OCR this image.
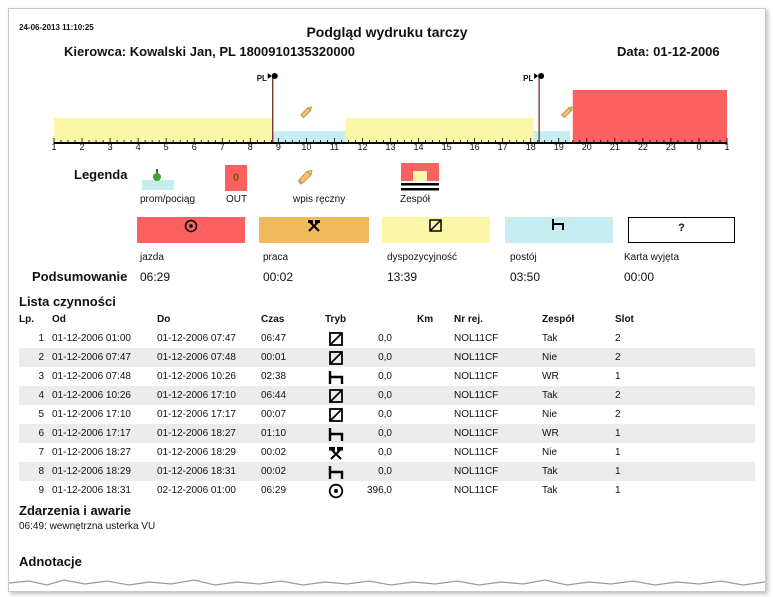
24-06-2013 11:10:25	Podgląd wydruku tarczy
Kierowca: Kowalski Jan, PL 1800910135320000	Data: 01-12-2006
1	2	3	4	5	6	7	8	9 10 11 12 13 14 15 16 17 18 19 20 21 22 23 0	1
PL	PL
Legenda
prom/pociąg
0
OUT	wpis ręczny	Zespół
?
Podsumowanie
jazda	praca	dyspozycyjność	postój	Karta wyjęta
06:29	00:02	13:39	03:50	00:00
Lista czynności
Lp. Od	Do	Czas	Tryb	Km Nr rej.	Zespół	Slot
1 01-12-2006 01:00	01-12-2006 07:47	06:47	0,0	NOL11CF	Tak	2
2 01-12-2006 07:47	01-12-2006 07:48	00:01	0,0	NOL11CF	Nie	2
3 01-12-2006 07:48	01-12-2006 10:26	02:38	0,0	NOL11CF	WR	1
4 01-12-2006 10:26	01-12-2006 17:10	06:44	0,0	NOL11CF	Tak	2
5 01-12-2006 17:10	01-12-2006 17:17	00:07	0,0	NOL11CF	Nie	2
6 01-12-2006 17:17	01-12-2006 18:27	01:10	0,0	NOL11CF	WR	1
7 01-12-2006 18:27	01-12-2006 18:29	00:02	0,0	NOL11CF	Nie	1
8 01-12-2006 18:29	01-12-2006 18:31	00:02	0,0	NOL11CF	Tak	1
9 01-12-2006 18:31	02-12-2006 01:00	06:29	396,0	NOL11CF	Tak	1
Zdarzenia i awarie
06:49: wewnętrzna usterka VU
Adnotacje
